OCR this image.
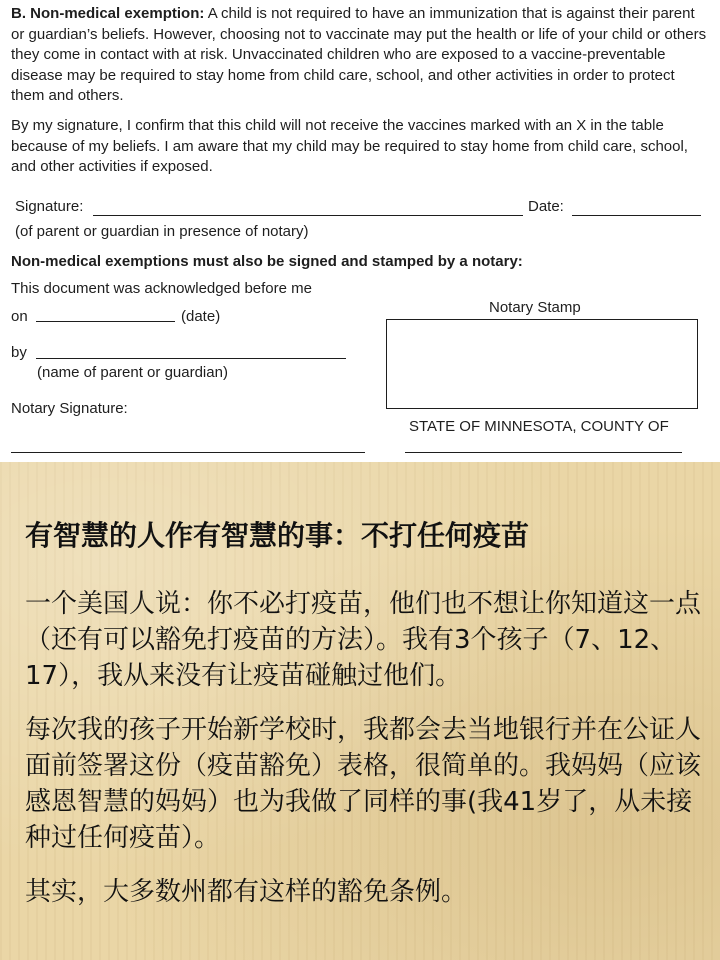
B. Non-medical exemption: A child is not required to have an immunization that is against their parent or guardian’s beliefs. However, choosing not to vaccinate may put the health or life of your child or others they come in contact with at risk. Unvaccinated children who are exposed to a vaccine-preventable disease may be required to stay home from child care, school, and other activities in order to protect them and others.
By my signature, I confirm that this child will not receive the vaccines marked with an X in the table because of my beliefs. I am aware that my child may be required to stay home from child care, school, and other activities if exposed.
Signature:	Date:
(of parent or guardian in presence of notary)
Non-medical exemptions must also be signed and stamped by a notary:
This document was acknowledged before me
on	(date)
by
(name of parent or guardian)
Notary Signature:
Notary Stamp
STATE OF MINNESOTA, COUNTY OF
有智慧的人作有智慧的事：不打任何疫苗
一个美国人说：你不必打疫苗，他们也不想让你知道这一点（还有可以豁免打疫苗的方法）。我有3个孩子（7、12、17），我从来没有让疫苗碰触过他们。
每次我的孩子开始新学校时，我都会去当地银行并在公证人面前签署这份（疫苗豁免）表格，很简单的。我妈妈（应该感恩智慧的妈妈）也为我做了同样的事(我41岁了，从未接种过任何疫苗）。
其实，大多数州都有这样的豁免条例。
